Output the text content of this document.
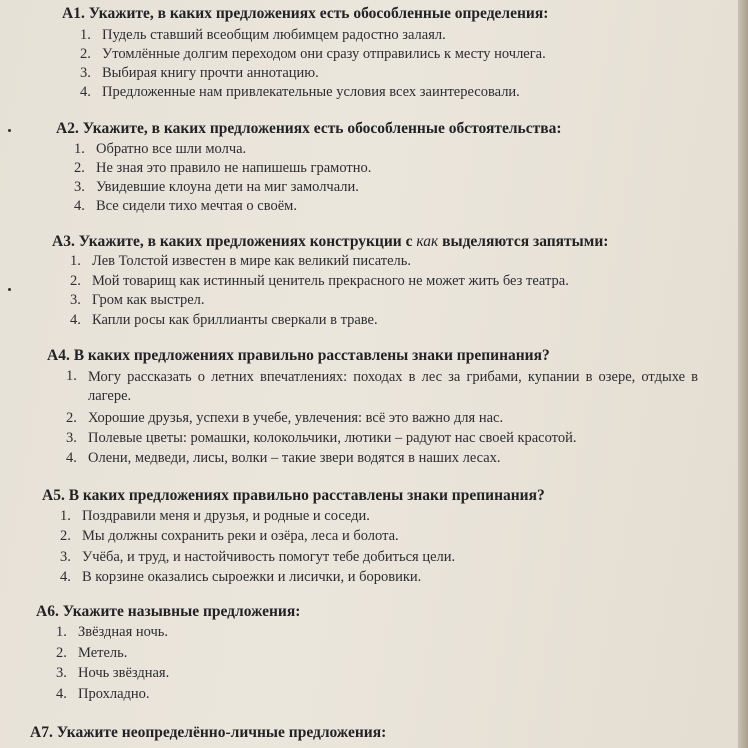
А1. Укажите, в каких предложениях есть обособленные определения:
1. Пудель ставший всеобщим любимцем радостно залаял.
2. Утомлённые долгим переходом они сразу отправились к месту ночлега.
3. Выбирая книгу прочти аннотацию.
4. Предложенные нам привлекательные условия всех заинтересовали.
А2. Укажите, в каких предложениях есть обособленные обстоятельства:
1. Обратно все шли молча.
2. Не зная это правило не напишешь грамотно.
3. Увидевшие клоуна дети на миг замолчали.
4. Все сидели тихо мечтая о своём.
А3. Укажите, в каких предложениях конструкции с как выделяются запятыми:
1. Лев Толстой известен в мире как великий писатель.
2. Мой товарищ как истинный ценитель прекрасного не может жить без театра.
3. Гром как выстрел.
4. Капли росы как бриллианты сверкали в траве.
А4. В каких предложениях правильно расставлены знаки препинания?
1. Могу рассказать о летних впечатлениях: походах в лес за грибами, купании в озере, отдыхе в лагере.
2. Хорошие друзья, успехи в учебе, увлечения: всё это важно для нас.
3. Полевые цветы: ромашки, колокольчики, лютики – радуют нас своей красотой.
4. Олени, медведи, лисы, волки – такие звери водятся в наших лесах.
А5. В каких предложениях правильно расставлены знаки препинания?
1. Поздравили меня и друзья, и родные и соседи.
2. Мы должны сохранить реки и озёра, леса и болота.
3. Учёба, и труд, и настойчивость помогут тебе добиться цели.
4. В корзине оказались сыроежки и лисички, и боровики.
А6. Укажите назывные предложения:
1. Звёздная ночь.
2. Метель.
3. Ночь звёздная.
4. Прохладно.
А7. Укажите неопределённо-личные предложения:
